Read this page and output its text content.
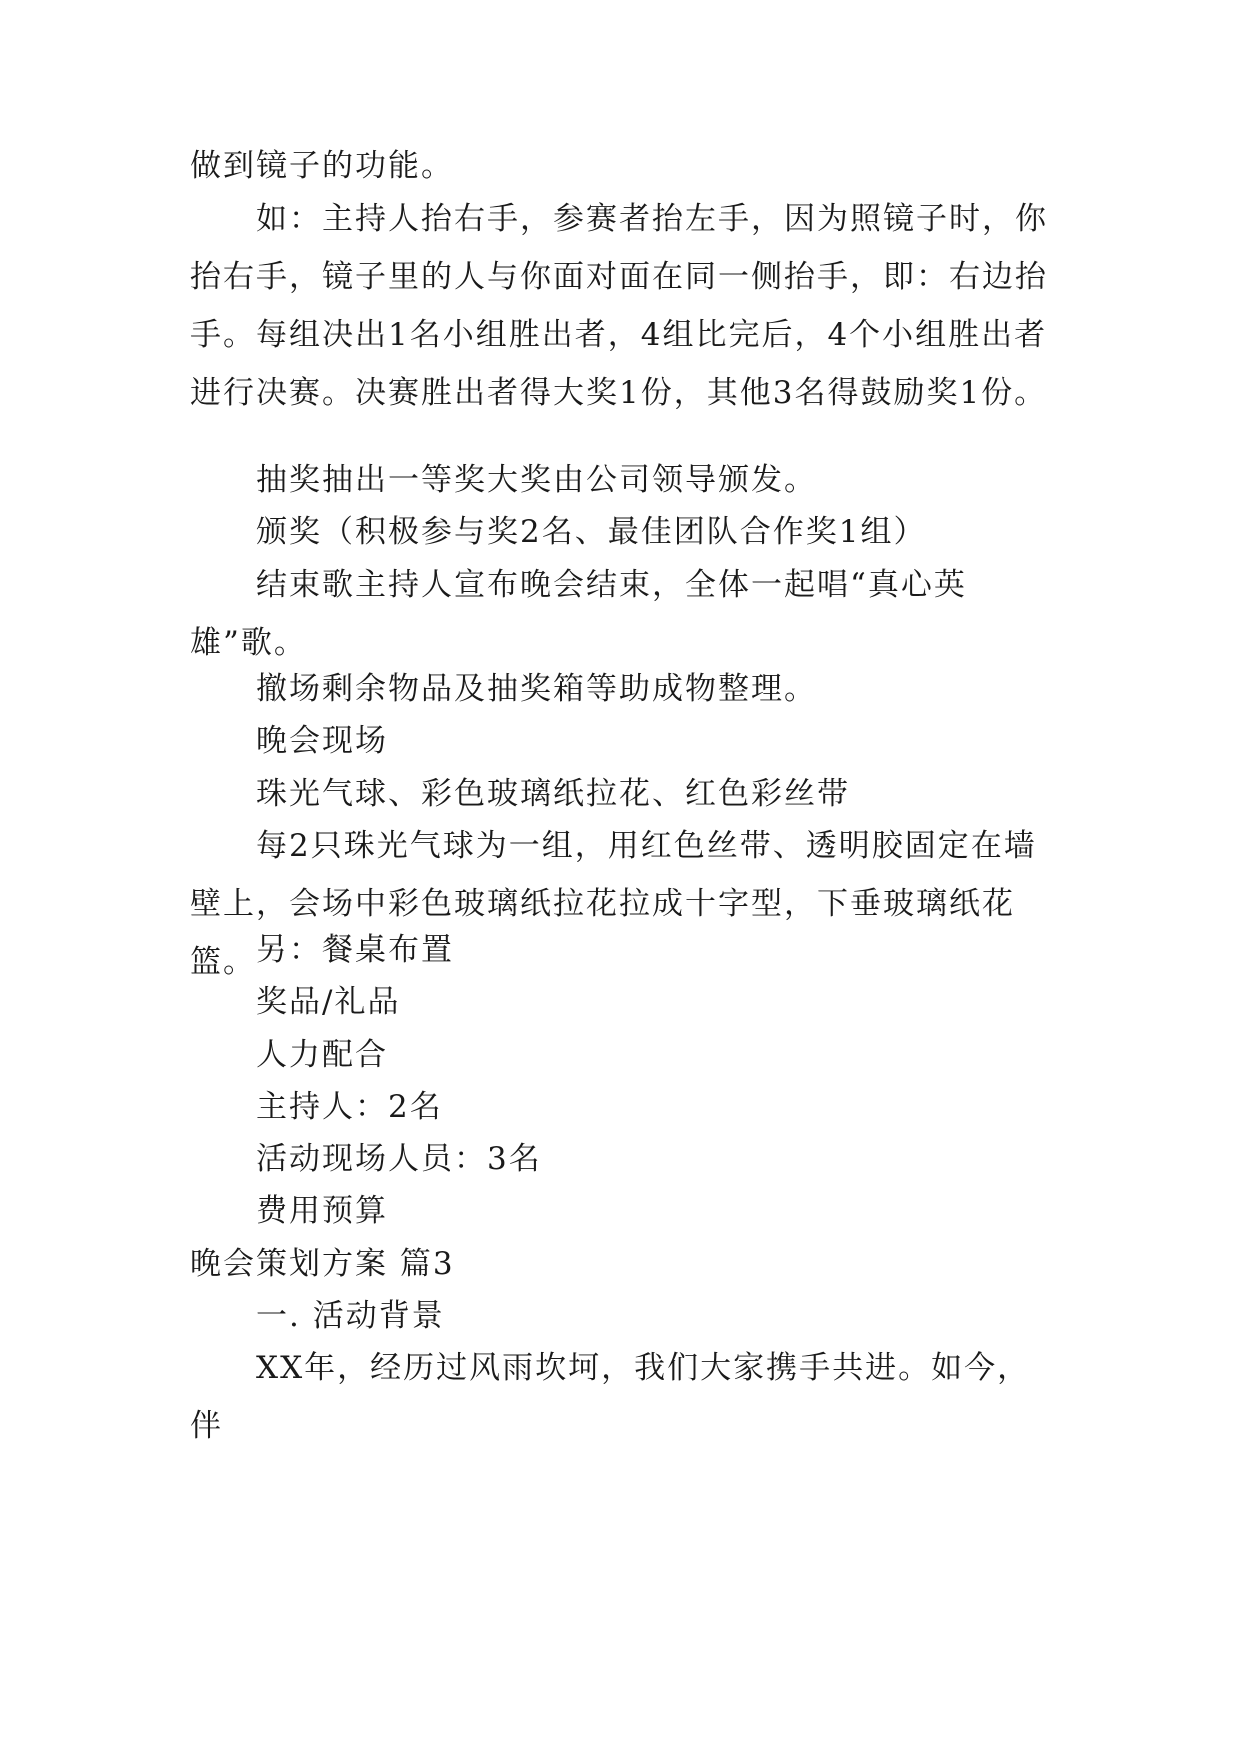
做到镜子的功能。

如：主持人抬右手，参赛者抬左手，因为照镜子时，你抬右手，镜子里的人与你面对面在同一侧抬手，即：右边抬手。每组决出1名小组胜出者，4组比完后，4个小组胜出者进行决赛。决赛胜出者得大奖1份，其他3名得鼓励奖1份。

抽奖抽出一等奖大奖由公司领导颁发。

颁奖（积极参与奖2名、最佳团队合作奖1组）

结束歌主持人宣布晚会结束，全体一起唱“真心英雄”歌。

撤场剩余物品及抽奖箱等助成物整理。

晚会现场

珠光气球、彩色玻璃纸拉花、红色彩丝带

每2只珠光气球为一组，用红色丝带、透明胶固定在墙壁上，会场中彩色玻璃纸拉花拉成十字型，下垂玻璃纸花篮。 另：餐桌布置

奖品/礼品

人力配合

主持人：2名

活动现场人员：3名

费用预算

晚会策划方案 篇3

一. 活动背景

XX年，经历过风雨坎坷，我们大家携手共进。如今，伴
